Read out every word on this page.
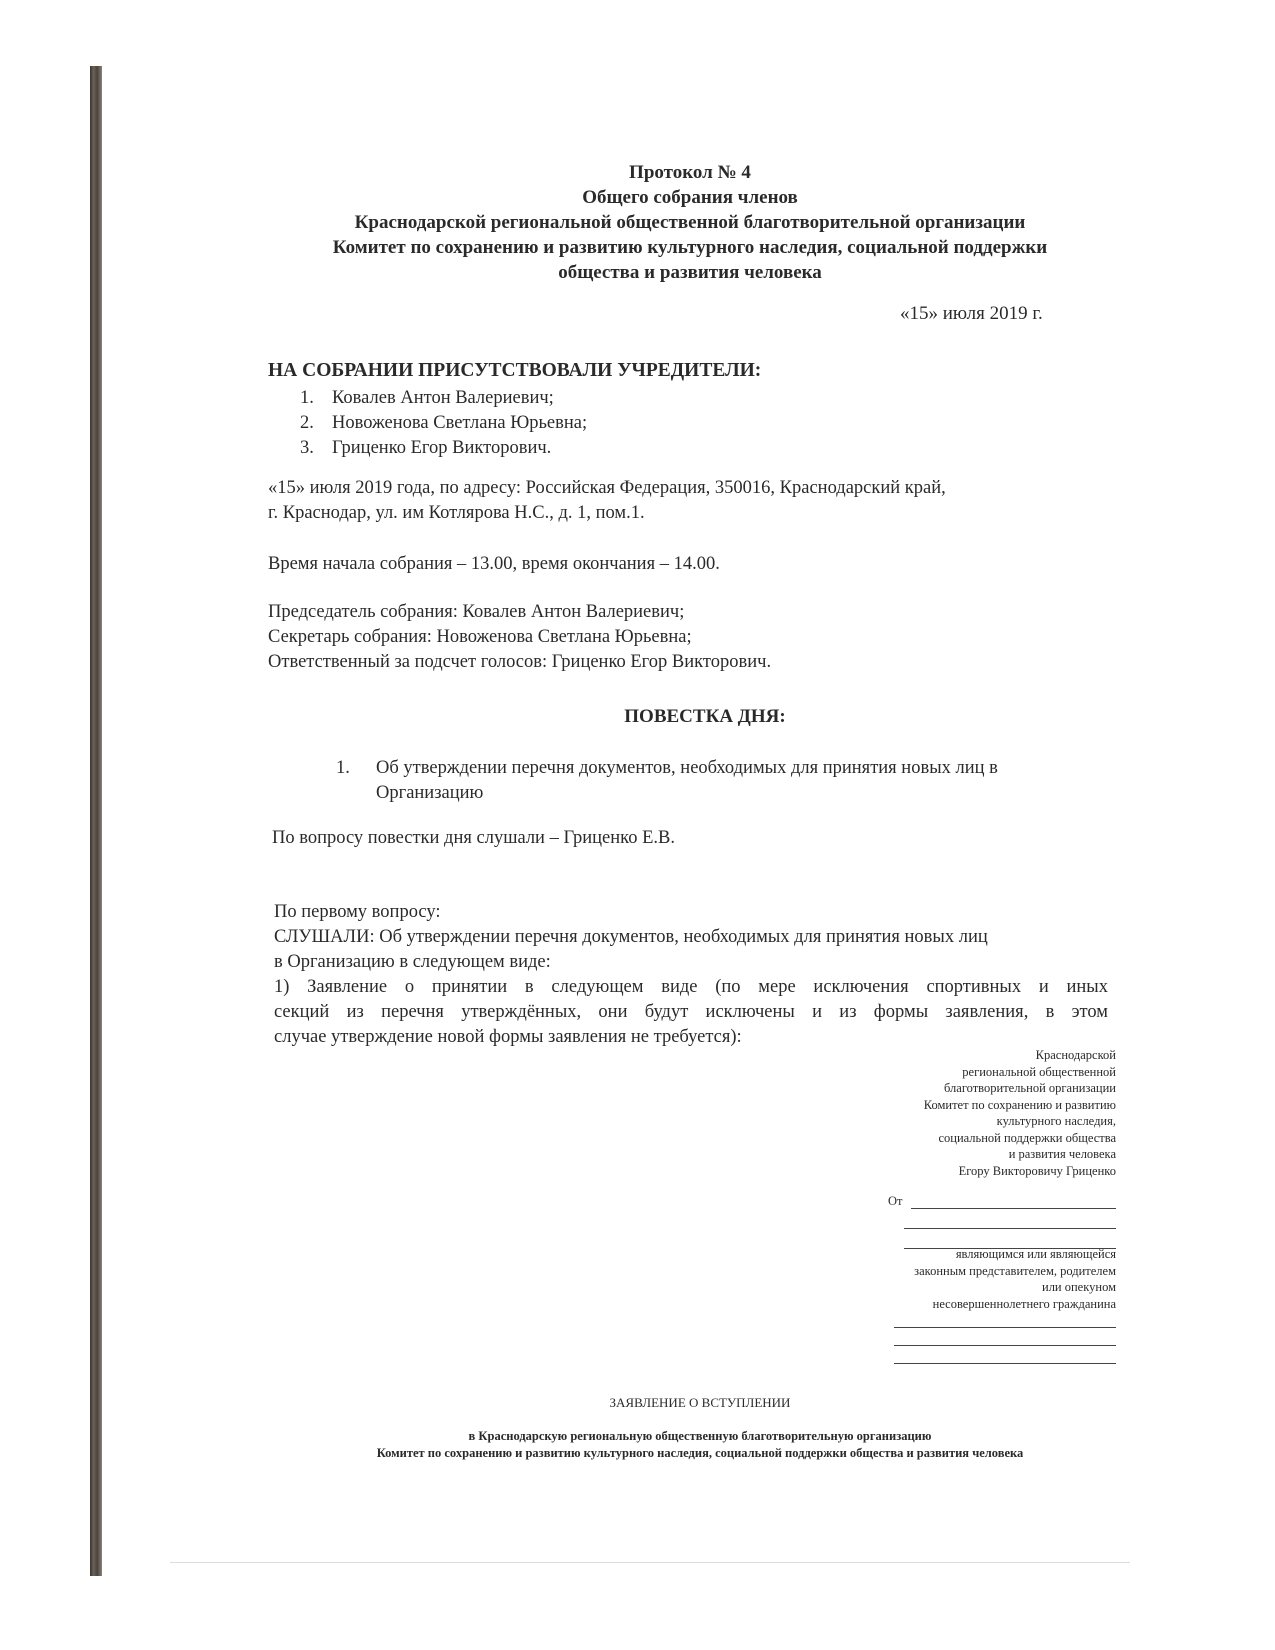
Протокол № 4
Общего собрания членов
Краснодарской региональной общественной благотворительной организации
Комитет по сохранению и развитию культурного наследия, социальной поддержки
общества и развития человека
«15» июля 2019 г.
НА СОБРАНИИ ПРИСУТСТВОВАЛИ УЧРЕДИТЕЛИ:
1. Ковалев Антон Валериевич;
2. Новоженова Светлана Юрьевна;
3. Гриценко Егор Викторович.
«15» июля 2019 года, по адресу: Российская Федерация, 350016, Краснодарский край,
г. Краснодар, ул. им Котлярова Н.С., д. 1, пом.1.
Время начала собрания – 13.00, время окончания – 14.00.
Председатель собрания: Ковалев Антон Валериевич;
Секретарь собрания: Новоженова Светлана Юрьевна;
Ответственный за подсчет голосов: Гриценко Егор Викторович.
ПОВЕСТКА ДНЯ:
1. Об утверждении перечня документов, необходимых для принятия новых лиц в
Организацию
По вопросу повестки дня слушали – Гриценко Е.В.
По первому вопросу:
СЛУШАЛИ: Об утверждении перечня документов, необходимых для принятия новых лиц
в Организацию в следующем виде:
1) Заявление о принятии в следующем виде (по мере исключения спортивных и иных
секций из перечня утверждённых, они будут исключены и из формы заявления, в этом
случае утверждение новой формы заявления не требуется):
Краснодарской
региональной общественной
благотворительной организации
Комитет по сохранению и развитию
культурного наследия,
социальной поддержки общества
и развития человека
Егору Викторовичу Гриценко
От
являющимся или являющейся
законным представителем, родителем
или опекуном
несовершеннолетнего гражданина
ЗАЯВЛЕНИЕ О ВСТУПЛЕНИИ
в Краснодарскую региональную общественную благотворительную организацию
Комитет по сохранению и развитию культурного наследия, социальной поддержки общества и развития человека
